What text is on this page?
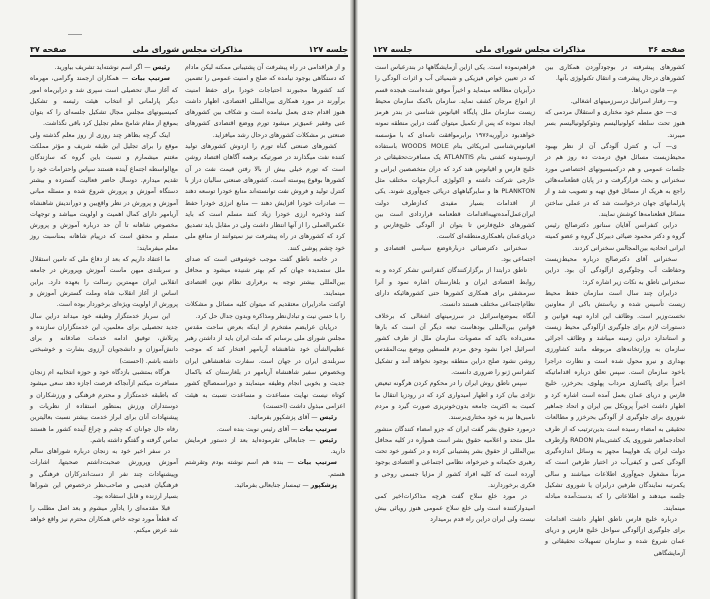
جلسه ۱۲۷
مذاکرات مجلس شورای ملی
صفحه ۳۷

و از هراقدامی در راه پیشرفت آن پشتیبانی ممکنه لیکن مادام که دستگاهی بوجود نیامده که صلح و امنیت عمومی را تضمین کند کشورها مجبورند احتیاجات خودرا برای حفظ امنیت برآورند در مورد همکاری بین‌المللی اقتصادی، اظهار داشت هنوز اقدام جدی بعمل نیامده است و شکاف بین کشورهای غنی وفقیر عمیق‌تر میشود تورم ووضع اقتصادی کشورهای صنعتی بر مشکلات کشورهای درحال رشد میافزاید.

کشورهای صنعتی گناه تورم را ازدوش کشورهای تولید کننده نفت میگذارند در صورتیکه برهمه آگاهان اقتصاد روشن است که تورم خیلی بیش از بالا رفتن قیمت نفت در آن کشورها بوقوع پیوسته است. کشورهای صنعتی سالیان دراز با کنترل تولید و فروش نفت توانسته‌اند منابع خودرا توسعه دهند — صادرات خودرا افزایش دهند — منابع انرژی خودرا حفظ کنند وذخیره ارزی خودرا زیاد کنند مسلم است که باید عکس‌العملی را از آنها انتظار داشت ولی در مقابل باید تصدیق کرد که کشورهای در راه پیشرفت نیز نمیتوانند از منافع ملی خود چشم پوشی کنند.

در خاتمه ناطق گفت موجب خوشوقتی است که صدای ملل ستمدیده جهان کم کم بهتر شنیده میشود و محافل بین‌المللی بیشتر توجه به برقراری نظام نوین اقتصادی مینمایند.

اوکتت مادرایران معتقدیم که میتوان کلیه مسائل و مشکلات را با حسن نیت و تبادل‌نظر ومذاکره وبدون جدال حل کرد.

درپایان عرایضم مفتخرم از اینکه بعرض ساحت مقدس مجلس شورای ملی برسانم که ملت ایران باید از داشتن رهبر عظیم‌الشأن خود شاهنشاه آریامهر افتخار کند که موجب سربلندی ایران در جهان است. سفارت شاهنشاهی ایران وبخصوص سفیر شاهنشاه آریامهر در بلغارستان که باکمال جدیت و بخوبی انجام وظیفه مینمایند و دوراسمصالح کشور کوتاه نیست نهایت مساعدت و مساعدت نسبت به هیئت اعزامی مبذول داشت (احسنت)

رئیس — آقای پزشکپور بفرمائید.

سرتیپ بیات — آقای رئیس نوبت بنده است.

رئیس — جنابعالی تقرموده‌اید بعد از دستور فرمایش دارید.

سرتیپ بیات — بنده هم اسم نوشته بودم وتقرشتم هستم.

پزشکپور — تیمسار جنابعالی بفرمائید.

رئیس — اگر اسم نوشته‌اید تشریف بیاورید.

سرتیپ بیات — همکاران ارجمند وگرامی، مهرماه که آغاز سال تحصیلی است سپری شد و دراین‌ماه امور دیگر پارلمانی او انتخاب هیئت رئیسه و تشکیل کمیسیونهای مجلس مجال تشکیل جلسه‌ای را که بتوان بموقع از مقام شامخ معلم تجلیل کرد باقی نگذاشت.

اینک گرچه بظاهر چند روزی از روز معلم گذشته ولی موقع را برای تجلیل این طبقه شریف و مؤثر مملکت مغتنم میشمارم و نسبت باین گروه که سازندگان مع‌الواسطه اجتماع آینده هستند سپاس واحترامات خود را تقدیم میدارم. دوسال حاضر فعالیت گسترده و بیشتر دستگاه آموزش و پرورش شروع شده و مسئله مبانی آموزش و پرورش در نظر واقع‌بین و دوراندیش شاهنشاه آریامهر دارای کمال اهمیت و اولویت میباشد و توجهات مخصوص شاهانه تا آن حد درباره آموزش و پرورش مسلم و محقق است که درپیام شاهانه بمناسبت روز معلم میفرمایند:

ما اعتقاد داریم که بعد از دفاع ملی که تامین استقلال و سربلندی میهن ماست آموزش وپرورش در جامعه انقلابی ایران مهمترین رسالت را بعهده دارد. براین اساس از آغاز انقلاب شاه ‌وملت گسترش آموزش و پرورش از اولویت ویژه‌ای برخوردار بوده است.

این سرباز خدمتگزار وظیفه خود میداند دراین سال جدید تحصیلی برای معلمین، این خدمتگزاران سازنده و پرتلاش، توفیق ادامه خدمات صادقانه و برای دانش‌آموزان و دانشجویان آرزوی بشارت و خوشبختی داشته باشم. (احسنت)

هرگاه بمتشبی بازدگاه خود و حوزه انتخابیه ام زنجان مسافرت میکنم ازآنجاکه فرصت اجازه دهد سعی میشود که باطبقه خدمتگزار و محترم فرهنگی و ورزشکاران و دوستداران ورزش بمنظور استفاده از نظریات و پیشنهادات آنان برای ابراز خدمت بیشتر نسبت بعالیترین رفاه حال جوانان که چشم و چراغ آینده کشور ما هستند تماس گرفته و گفتگو داشته باشم.

در سفر اخیر خود به زنجان درباره شوراهای سالم آموزش وپرورش صحبت‌داشتم صحبتها، اشارات وپیشنهادات چند نفر از دست‌اندرکاران فرهنگی و فرهنگیان قدیمی و صاحب‌نظر درخصوص این شوراها بسیار ارزنده و قابل استفاده بود.

قبلا مقدمه‌ای را یادآور میشوم و بعد اصل مطلب را که قطعاً مورد توجه خاص همکاران محترم نیز واقع خواهد شد عرض میکنم.

صفحه ۳۶
مذاکرات مجلس شورای ملی
جلسه ۱۲۷

کشورهای پیشرفته در بوجودآوردن همکاری بین کشورهای درحال پیشرفت و انتقال تکنولوژی بآنها.

م— قانون دریاها.

و— رفتار اسرائیل درسرزمینهای اشغالی.

ی— حق مسلم خود مختاری و استقلال مردمی که هنوز تحت سلطه کولونیالیسم ونئوکولونیالیسم بسر میبرند.

ی— آب و کنترل آلودگی آن از نظر بهبود محیط‌زیست مسائل فوق درمدت ده روز هم در جلسات عمومی و هم درکمیسیونهای اختصاصی مورد سخنرانی و بحث قرارگرفت و در پایان قطعنامه‌هائی راجع به هریک از مسائل فوق تهیه و تصویب شد و از پارلمانهای جهان درخواست شد که در عملی ساختن مسائل قطعنامه‌ها کوشش نمایند.

دراین کنفرانس آقایان سناتور دکترصالح رئیس گروه و دکتر محمود ضیائی دبیرکل گروه و عضو کمیته ایرانی اتحادیه بین‌المجالس سخنرانی کردند.

سخنرانی آقای دکترصالح درباره محیط‌زیست وحفاظت آب وجلوگیری ازآلودگی آن بود. دراین سخنرانی ناطق به نکات زیر اشاره کرد:

درایران چند سال است سازمان حفظ محیط زیست تأسیس شده و ریاستش باکی از معاونین نخست‌وزیر است. وظائف این اداره تهیه قوانین و دستورات لازم برای جلوگیری ازآلودگی محیط زیست و استاندارد دراین زمینه میباشد و وظائف اجرائی سازمان به وزارتخانه‌های مربوطه مانند کشاورزی بهداری و نیرو محول شده است و نظارت دراجرا باخود سازمان است. سپس تعلق درباره اقداماتیکه اخیراً برای پاکسازی مرداب پهلوی، بحرخزر، خلیج فارس و دریای عمان بعمل آمده است اشاره کرد و اظهار داشت اخیراً پروتکل بین ایران و اتحاد جماهیر شوروی برای جلوگیری از آلودگی بحرخزر و مطالعات تحقیقی به امضاء رسیده است بدین‌ترتیب که از طرف اتحادجماهیر شوروی یک کشتی‌بنام RADON وازطرف دولت ایران یک هواپیما مجهز به وسائل اندازه‌گیری آلودگی کمی و کیفی‌آب در اختیار طرفین است که مرتباً مشغول جمع‌آوری اطلاعات میباشند و سالی یکمرتبه نمایندگان طرفین درایران یا شوروی تشکیل جلسه میدهند و اطلاعاتی را که بدست‌آمده مبادله مینمایند.

درباره خلیج فارس ناطق اظهار داشت اقدامات برای جلوگیری ازآلودگی سواحل خلیج فارس و دریای عمان شروع شده و سازمان تسهیلات تحقیقاتی و آزمایشگاهی

فراهم‌نموده است. یکی ازاین آزمایشگاهها در بندرعباس است که در تعیین خواص فیزیکی و شیمیائی آب و اثرات آلودگی را درآبزیان مطالعه مینماید و اخیراً موفق شده‌است هیجده قسم از انواع مرجان کشف نماید. سازمان باکمک سازمان محیط زیست سازمان ملل پایگاه اقیانوس شناسی در بندر هرمز ایجاد نموده که پس از تکمیل میتوان گفت دراین منطقه نمونه خواهدبود درآوریه‌۱۹۷۶ برابرموافقت نامه‌ای که با مؤسسه اقیانوس‌شناسی امریکائی بنام WOODS MOLE باستفاده ازوسیدونه کشتی بنام ATLANTIS یک مسافرت‌تحقیقاتی در خلیج فارس و اقیانوس هند کرد که دران متخصصین ایرانی و خارجی شرکت داشته و اکولوژی آب‌ازجهات مختلف مثل PLANKTON ها و سایرگیاههای دریائی جمع‌آوری شوند. یکی از اقدامات بسیار مفیدی که‌ازطرف دولت ایران‌عمل‌آمده‌تهیه‌اقدامات قطعنامه قرارداد‌ی است بین کشورهای خلیج‌فارس تا بتوان از آلودگی خلیج‌فارس و دریای‌عمان باهمکاری‌منطقه‌ای کاست.

سخنرانی دکترضیائی دربارهٔ‌وضع سیاسی اقتصادی و اجتماعی بود.

ناطق درابتدا از برگزارکنندگان کنفرانس تشکر کرده و به روابط اقتصادی ایران و بلغارستان اشاره نمود و آنرا سرمشقی برای همکاری کشورها حتی کشورهائیکه دارای نظام‌اجتماعی مختلف هستند دانست.

آنگاه بموضع‌اسرائیل در سرزمینهای اشغالی که برخلاف قوانین بین‌المللی بودهاست تبعه دیگر آن است که بارها معنی‌داده باکید که مصوبات سازمان ملل از طرف کشور اسرائیل اجرا نشود وحق مردم فلسطین ووضع بیت‌المقدس روشن نشود صلح دراین منطقه بوجود نخواهد آمد و تشکیل کنفرانس ژنو را ضروری دانست.

سپس ناطق روش ایران را در محکوم کردن هرگونه تبعیض نژادی بیان کرد و اظهار امیدواری کرد که در رودزیا انتقال ما کمیت به اکثریت جامعه بدون‌خونریزی صورت گیرد و مردم نامبی‌ها نیز به خود مختاری‌برسند.

درمورد حقوق بشر گفت ایران که جزو امضاء کنندگان منشور ملل متحد و اعلامیه حقوق بشر است همواره در کلیه محافل بین‌المللی از حقوق بشر پشتیبانی کرده و در کشور خود تحت رهبری حکیمانه و خیرخواه، نظامی اجتماعی و اقتصادی بوجود آورده است که کلیه افراد کشور از مزایا جسمی روحی و فکری برخوردارند.

در مورد خلع سلاح گفت هرچه مذاکرات‌اخیر کمی امیدوارکننده است ولی خلع سلاح عمومی هنوز رویائی بیش نیست ولی ایران دراین راه قدم برمیدارد
